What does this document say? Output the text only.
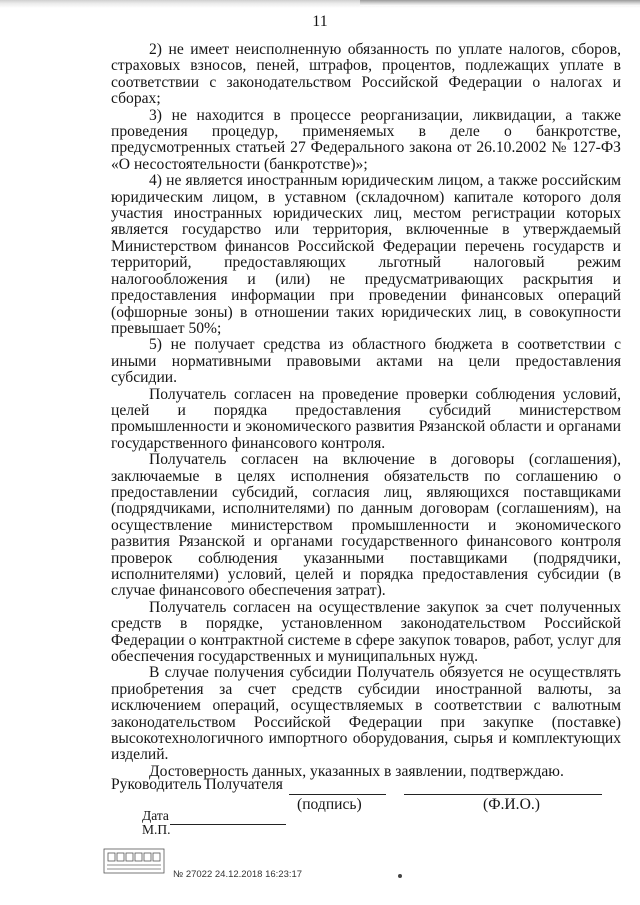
11

2) не имеет неисполненную обязанность по уплате налогов, сборов, страховых взносов, пеней, штрафов, процентов, подлежащих уплате в соответствии с законодательством Российской Федерации о налогах и сборах;

3) не находится в процессе реорганизации, ликвидации, а также проведения процедур, применяемых в деле о банкротстве, предусмотренных статьей 27 Федерального закона от 26.10.2002 № 127-ФЗ «О несостоятельности (банкротстве)»;

4) не является иностранным юридическим лицом, а также российским юридическим лицом, в уставном (складочном) капитале которого доля участия иностранных юридических лиц, местом регистрации которых является государство или территория, включенные в утверждаемый Министерством финансов Российской Федерации перечень государств и территорий, предоставляющих льготный налоговый режим налогообложения и (или) не предусматривающих раскрытия и предоставления информации при проведении финансовых операций (офшорные зоны) в отношении таких юридических лиц, в совокупности превышает 50%;

5) не получает средства из областного бюджета в соответствии с иными нормативными правовыми актами на цели предоставления субсидии.

Получатель согласен на проведение проверки соблюдения условий, целей и порядка предоставления субсидий министерством промышленности и экономического развития Рязанской области и органами государственного финансового контроля.

Получатель согласен на включение в договоры (соглашения), заключаемые в целях исполнения обязательств по соглашению о предоставлении субсидий, согласия лиц, являющихся поставщиками (подрядчиками, исполнителями) по данным договорам (соглашениям), на осуществление министерством промышленности и экономического развития Рязанской и органами государственного финансового контроля проверок соблюдения указанными поставщиками (подрядчики, исполнителями) условий, целей и порядка предоставления субсидии (в случае финансового обеспечения затрат).

Получатель согласен на осуществление закупок за счет полученных средств в порядке, установленном законодательством Российской Федерации о контрактной системе в сфере закупок товаров, работ, услуг для обеспечения государственных и муниципальных нужд.

В случае получения субсидии Получатель обязуется не осуществлять приобретения за счет средств субсидии иностранной валюты, за исключением операций, осуществляемых в соответствии с валютным законодательством Российской Федерации при закупке (поставке) высокотехнологичного импортного оборудования, сырья и комплектующих изделий.

Достоверность данных, указанных в заявлении, подтверждаю.

Руководитель Получателя
(подпись)	(Ф.И.О.)
Дата
М.П.
№ 27022 24.12.2018 16:23:17
